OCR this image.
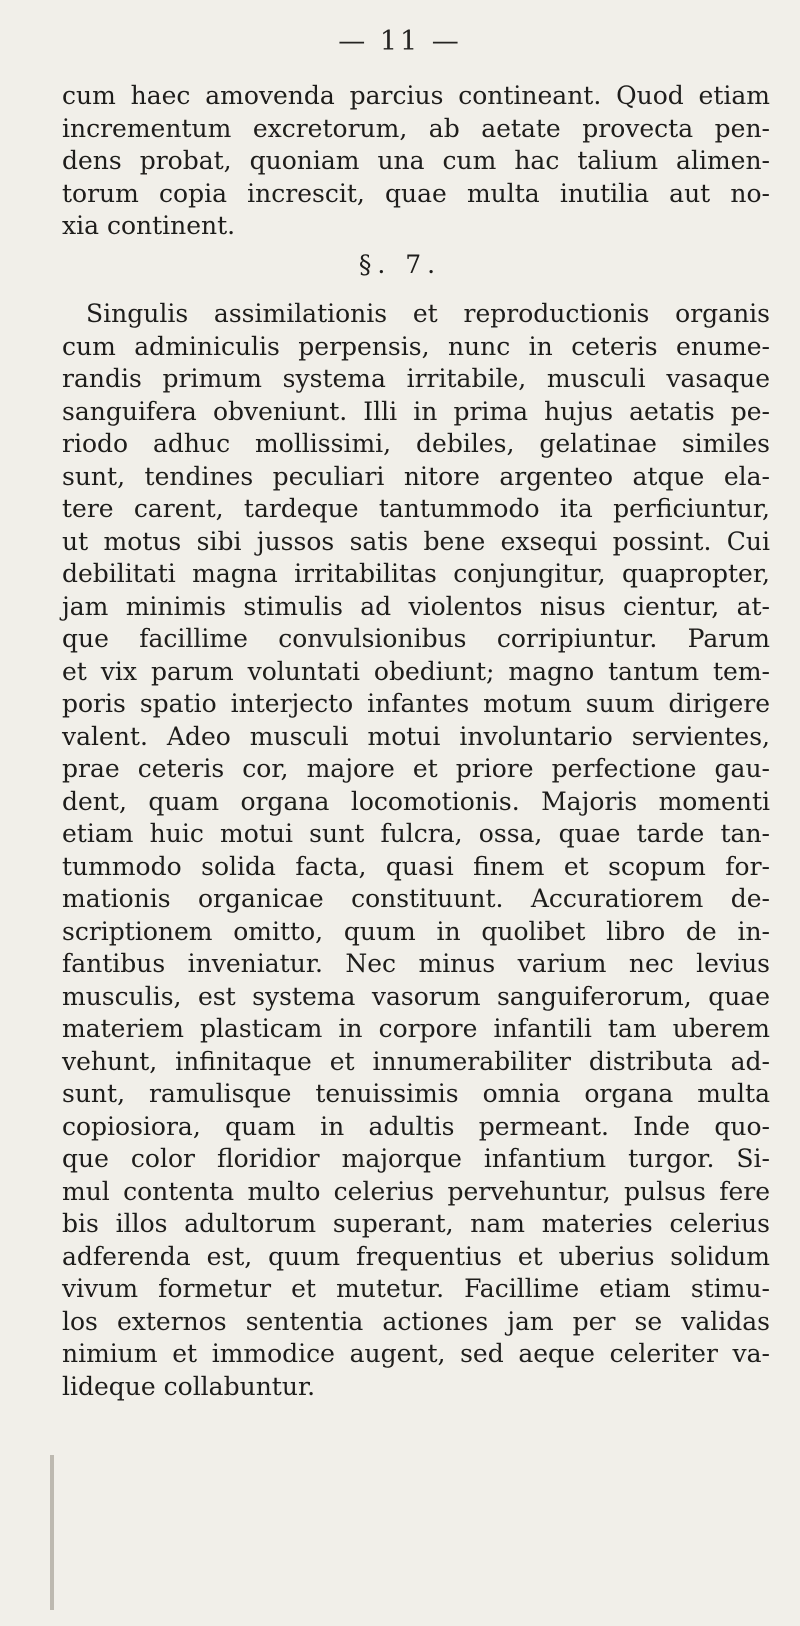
— 11 —
cum haec amovenda parcius contineant. Quod etiam
incrementum excretorum, ab aetate provecta pen-
dens probat, quoniam una cum hac talium alimen-
torum copia increscit, quae multa inutilia aut no-
xia continent.
§. 7.
Singulis assimilationis et reproductionis organis
cum adminiculis perpensis, nunc in ceteris enume-
randis primum systema irritabile, musculi vasaque
sanguifera obveniunt. Illi in prima hujus aetatis pe-
riodo adhuc mollissimi, debiles, gelatinae similes
sunt, tendines peculiari nitore argenteo atque ela-
tere carent, tardeque tantummodo ita perficiuntur,
ut motus sibi jussos satis bene exsequi possint. Cui
debilitati magna irritabilitas conjungitur, quapropter,
jam minimis stimulis ad violentos nisus cientur, at-
que facillime convulsionibus corripiuntur. Parum
et vix parum voluntati obediunt; magno tantum tem-
poris spatio interjecto infantes motum suum dirigere
valent. Adeo musculi motui involuntario servientes,
prae ceteris cor, majore et priore perfectione gau-
dent, quam organa locomotionis. Majoris momenti
etiam huic motui sunt fulcra, ossa, quae tarde tan-
tummodo solida facta, quasi finem et scopum for-
mationis organicae constituunt. Accuratiorem de-
scriptionem omitto, quum in quolibet libro de in-
fantibus inveniatur. Nec minus varium nec levius
musculis, est systema vasorum sanguiferorum, quae
materiem plasticam in corpore infantili tam uberem
vehunt, infinitaque et innumerabiliter distributa ad-
sunt, ramulisque tenuissimis omnia organa multa
copiosiora, quam in adultis permeant. Inde quo-
que color floridior majorque infantium turgor. Si-
mul contenta multo celerius pervehuntur, pulsus fere
bis illos adultorum superant, nam materies celerius
adferenda est, quum frequentius et uberius solidum
vivum formetur et mutetur. Facillime etiam stimu-
los externos sententia actiones jam per se validas
nimium et immodice augent, sed aeque celeriter va-
lideque collabuntur.
